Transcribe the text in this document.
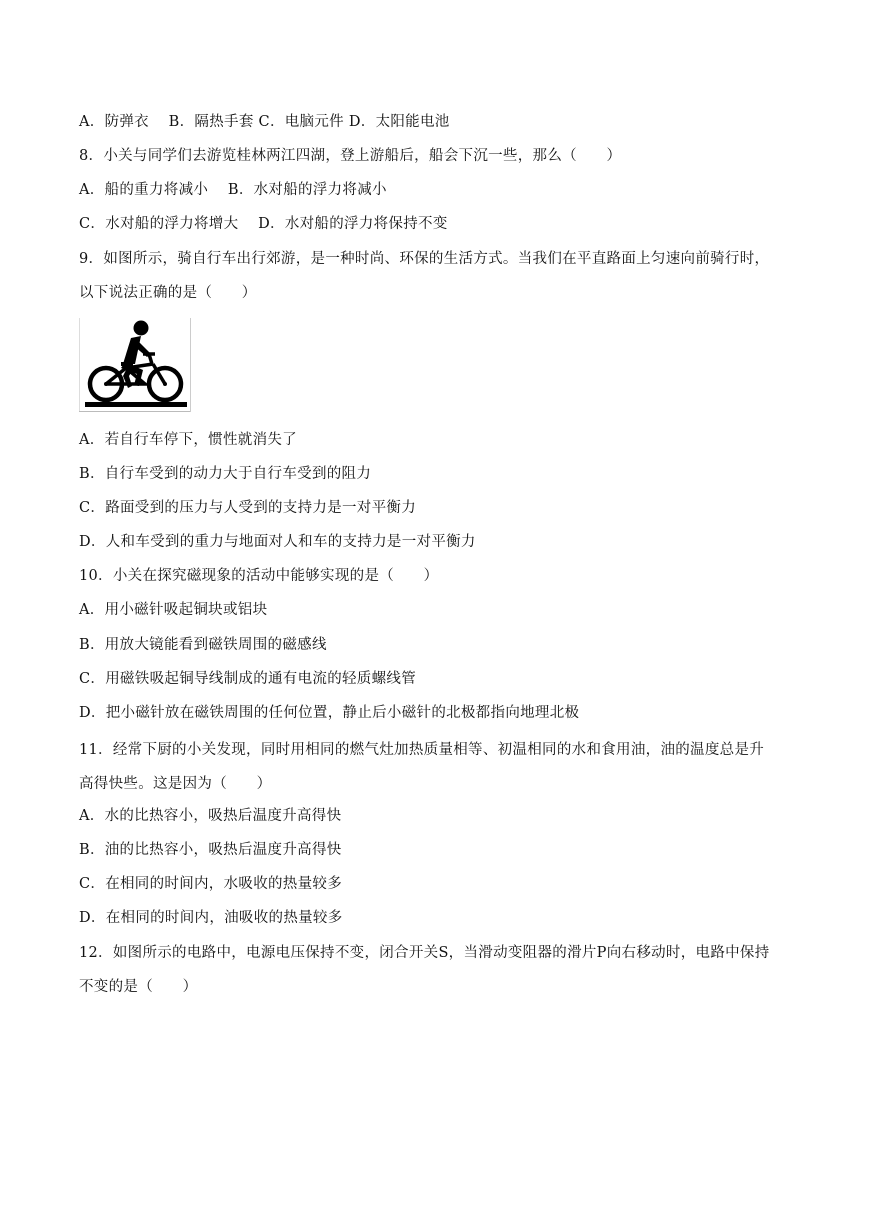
A．防弹衣　 B．隔热手套 C．电脑元件 D．太阳能电池
8．小关与同学们去游览桂林两江四湖，登上游船后，船会下沉一些，那么（　　）
A．船的重力将减小　 B．水对船的浮力将减小
C．水对船的浮力将增大　 D．水对船的浮力将保持不变
9．如图所示，骑自行车出行郊游，是一种时尚、环保的生活方式。当我们在平直路面上匀速向前骑行时，
以下说法正确的是（　　）
A．若自行车停下，惯性就消失了
B．自行车受到的动力大于自行车受到的阻力
C．路面受到的压力与人受到的支持力是一对平衡力
D．人和车受到的重力与地面对人和车的支持力是一对平衡力
10．小关在探究磁现象的活动中能够实现的是（　　）
A．用小磁针吸起铜块或铝块
B．用放大镜能看到磁铁周围的磁感线
C．用磁铁吸起铜导线制成的通有电流的轻质螺线管
D．把小磁针放在磁铁周围的任何位置，静止后小磁针的北极都指向地理北极
11．经常下厨的小关发现，同时用相同的燃气灶加热质量相等、初温相同的水和食用油，油的温度总是升
高得快些。这是因为（　　）
A．水的比热容小，吸热后温度升高得快
B．油的比热容小，吸热后温度升高得快
C．在相同的时间内，水吸收的热量较多
D．在相同的时间内，油吸收的热量较多
12．如图所示的电路中，电源电压保持不变，闭合开关S，当滑动变阻器的滑片P向右移动时，电路中保持
不变的是（　　）
